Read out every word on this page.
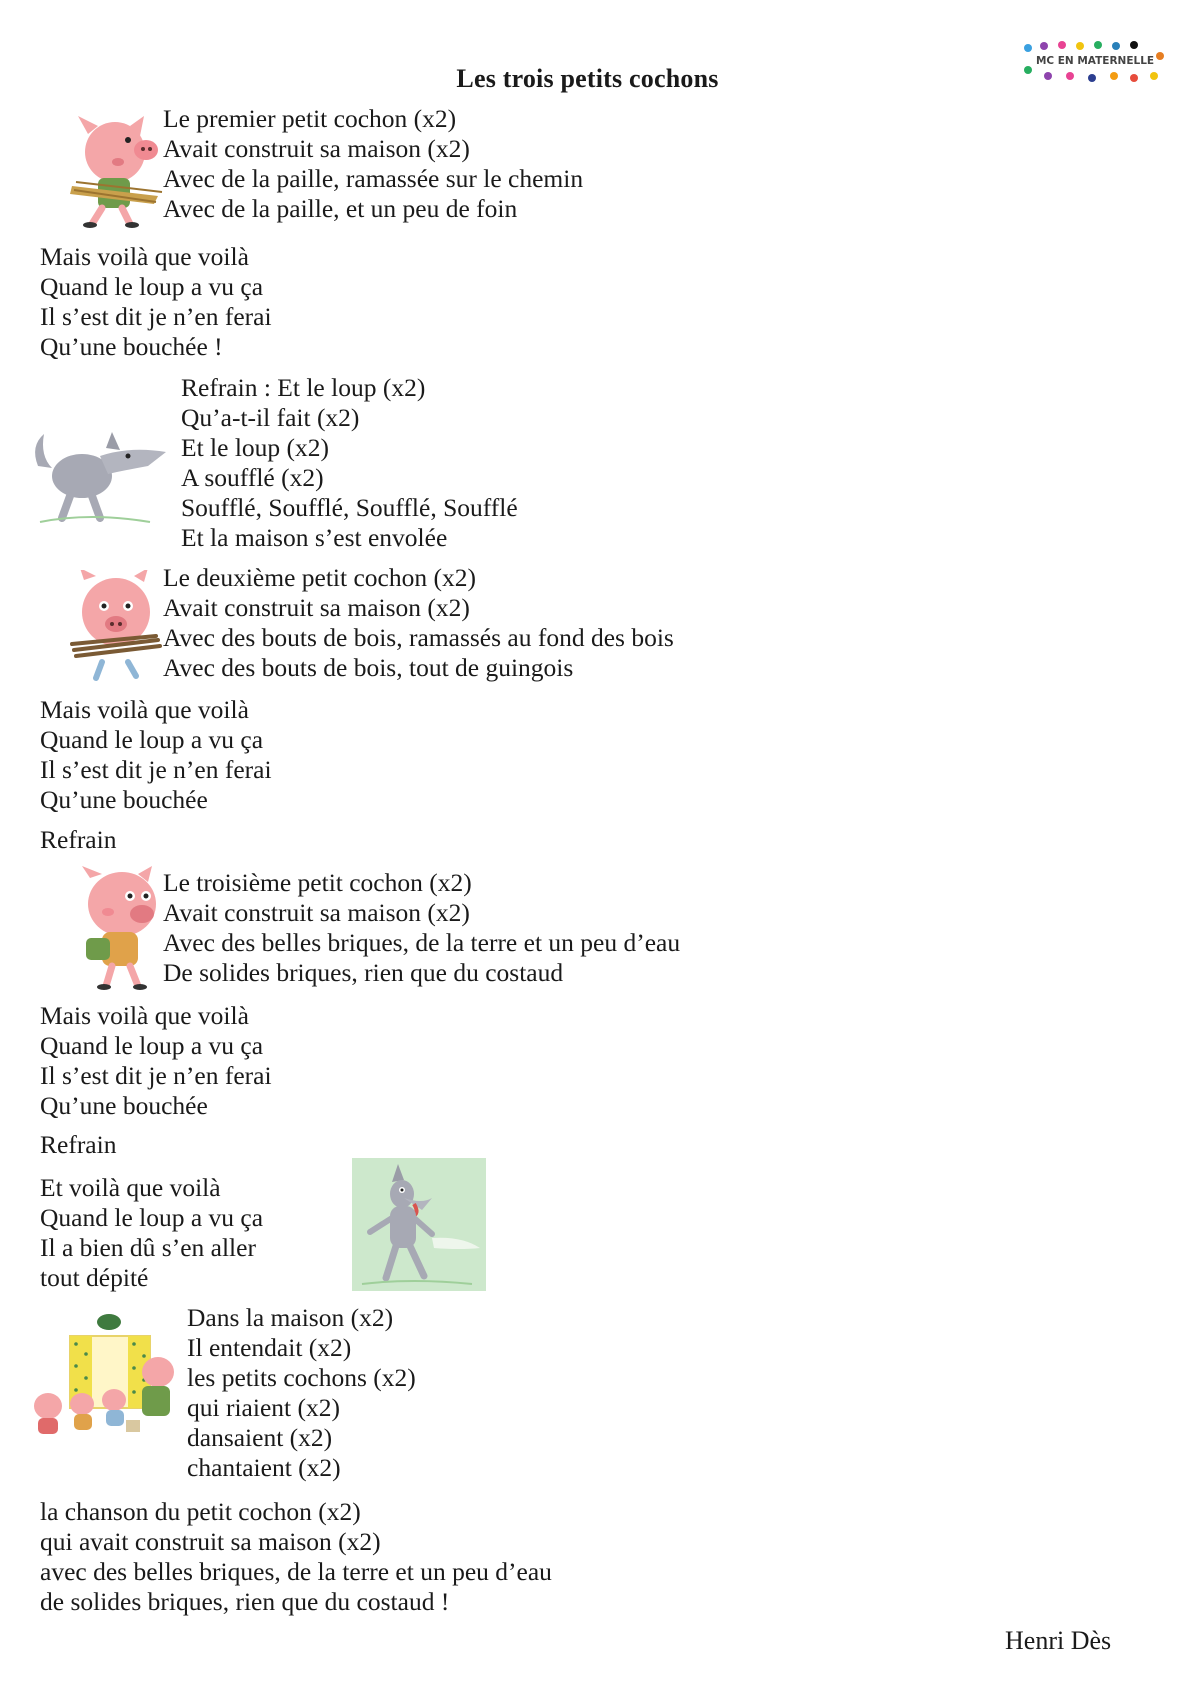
Les trois petits cochons
MC EN MATERNELLE
Le premier petit cochon (x2)
Avait construit sa maison (x2)
Avec de la paille, ramassée sur le chemin
Avec de la paille, et un peu de foin
Mais voilà que voilà
Quand le loup a vu ça
Il s’est dit je n’en ferai
Qu’une bouchée !
Refrain : Et le loup (x2)
Qu’a-t-il fait (x2)
Et le loup (x2)
A soufflé (x2)
Soufflé, Soufflé, Soufflé, Soufflé
Et la maison s’est envolée
Le deuxième petit cochon (x2)
Avait construit sa maison (x2)
Avec des bouts de bois, ramassés au fond des bois
Avec des bouts de bois, tout de guingois
Mais voilà que voilà
Quand le loup a vu ça
Il s’est dit je n’en ferai
Qu’une bouchée
Refrain
Le troisième petit cochon (x2)
Avait construit sa maison (x2)
Avec des belles briques, de la terre et un peu d’eau
De solides briques, rien que du costaud
Mais voilà que voilà
Quand le loup a vu ça
Il s’est dit je n’en ferai
Qu’une bouchée
Refrain
Et voilà que voilà
Quand le loup a vu ça
Il a bien dû s’en aller
tout dépité
Dans la maison (x2)
Il entendait (x2)
les petits cochons (x2)
qui riaient (x2)
dansaient (x2)
chantaient (x2)
la chanson du petit cochon (x2)
qui avait construit sa maison (x2)
avec des belles briques, de la terre et un peu d’eau
de solides briques, rien que du costaud !
Henri Dès
